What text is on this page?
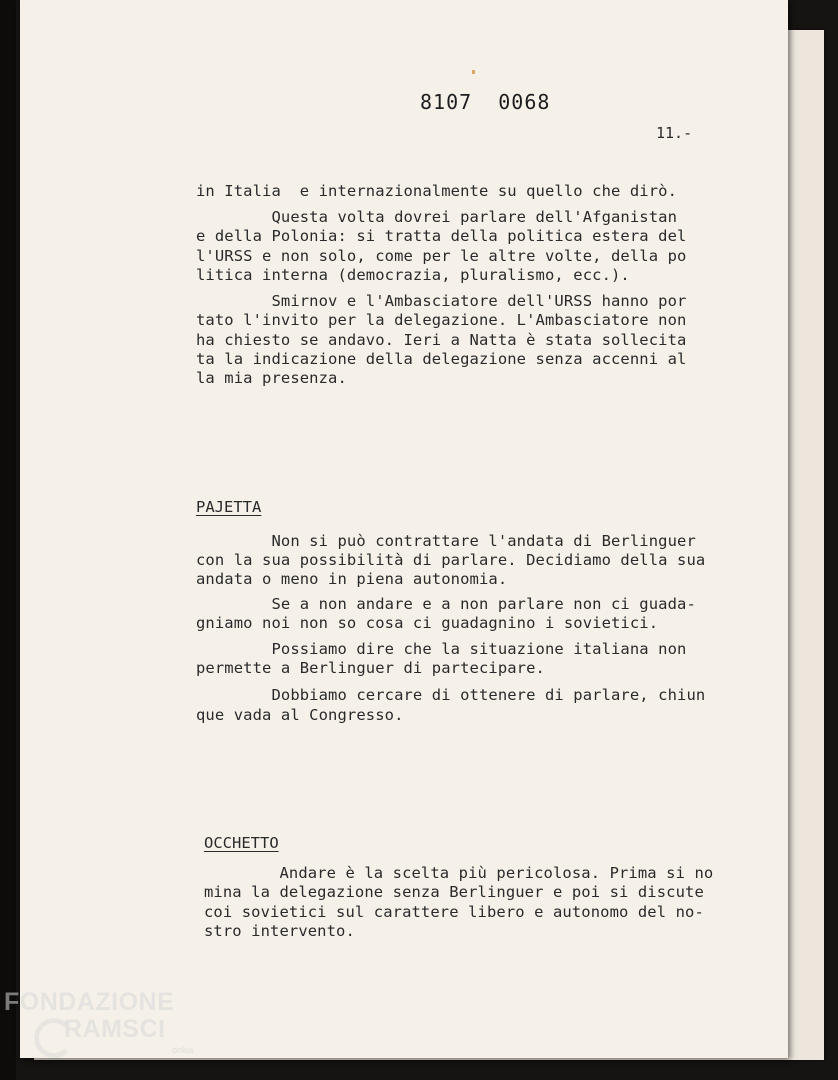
8107  0068
11.-
in Italia  e internazionalmente su quello che dirò.
Questa volta dovrei parlare dell'Afganistan
e della Polonia: si tratta della politica estera del
l'URSS e non solo, come per le altre volte, della po
litica interna (democrazia, pluralismo, ecc.).
Smirnov e l'Ambasciatore dell'URSS hanno por
tato l'invito per la delegazione. L'Ambasciatore non
ha chiesto se andavo. Ieri a Natta è stata sollecita
ta la indicazione della delegazione senza accenni al
la mia presenza.
PAJETTA
Non si può contrattare l'andata di Berlinguer
con la sua possibilità di parlare. Decidiamo della sua
andata o meno in piena autonomia.
Se a non andare e a non parlare non ci guada-
gniamo noi non so cosa ci guadagnino i sovietici.
Possiamo dire che la situazione italiana non
permette a Berlinguer di partecipare.
Dobbiamo cercare di ottenere di parlare, chiun
que vada al Congresso.
OCCHETTO
Andare è la scelta più pericolosa. Prima si no
mina la delegazione senza Berlinguer e poi si discute
coi sovietici sul carattere libero e autonomo del no-
stro intervento.
FONDAZIONE
RAMSCI
onlus
